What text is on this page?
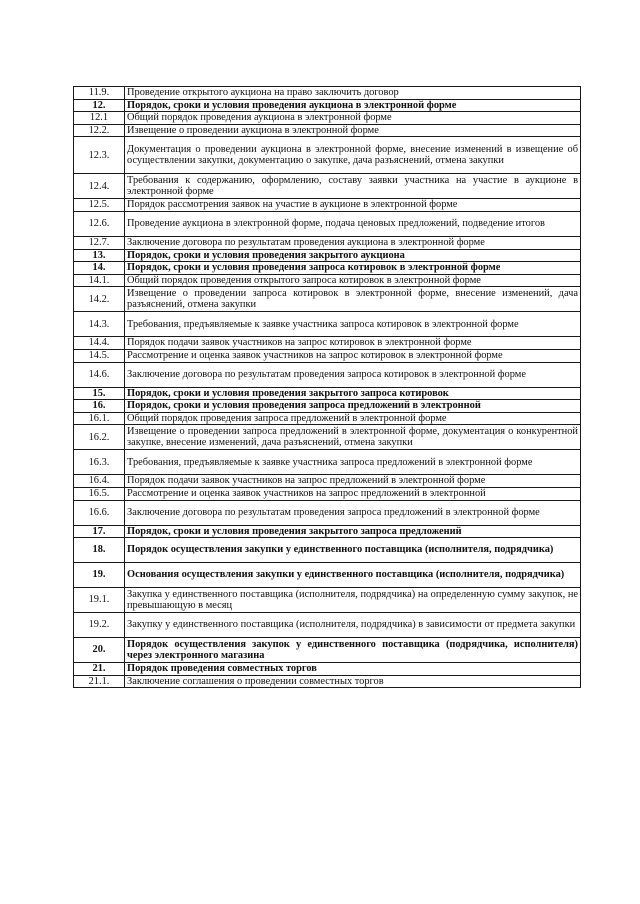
11.9.	Проведение открытого аукциона на право заключить договор
12.	Порядок, сроки и условия проведения аукциона в электронной форме
12.1	Общий порядок проведения аукциона в электронной форме
12.2.	Извещение о проведении аукциона в электронной форме
12.3.	Документация о проведении аукциона в электронной форме, внесение изменений в извещение об осуществлении закупки, документацию о закупке, дача разъяснений, отмена закупки
12.4.	Требования к содержанию, оформлению, составу заявки участника на участие в аукционе в электронной форме
12.5.	Порядок рассмотрения заявок на участие в аукционе в электронной форме
12.6.	Проведение аукциона в электронной форме, подача ценовых предложений, подведение итогов
12.7.	Заключение договора по результатам проведения аукциона в электронной форме
13.	Порядок, сроки и условия проведения закрытого аукциона
14.	Порядок, сроки и условия проведения запроса котировок в электронной форме
14.1.	Общий порядок проведения открытого запроса котировок в электронной форме
14.2.	Извещение о проведении запроса котировок в электронной форме, внесение изменений, дача разъяснений, отмена закупки
14.3.	Требования, предъявляемые к заявке участника запроса котировок в электронной форме
14.4.	Порядок подачи заявок участников на запрос котировок в электронной форме
14.5.	Рассмотрение и оценка заявок участников на запрос котировок в электронной форме
14.6.	Заключение договора по результатам проведения запроса котировок в электронной форме
15.	Порядок, сроки и условия проведения закрытого запроса котировок
16.	Порядок, сроки и условия проведения запроса предложений в электронной
16.1.	Общий порядок проведения запроса предложений в электронной форме
16.2.	Извещение о проведении запроса предложений в электронной форме, документация о конкурентной закупке, внесение изменений, дача разъяснений, отмена закупки
16.3.	Требования, предъявляемые к заявке участника запроса предложений в электронной форме
16.4.	Порядок подачи заявок участников на запрос предложений в электронной форме
16.5.	Рассмотрение и оценка заявок участников на запрос предложений в электронной
16.6.	Заключение договора по результатам проведения запроса предложений в электронной форме
17.	Порядок, сроки и условия проведения закрытого запроса предложений
18.	Порядок осуществления закупки у единственного поставщика (исполнителя, подрядчика)
19.	Основания осуществления закупки у единственного поставщика (исполнителя, подрядчика)
19.1.	Закупка у единственного поставщика (исполнителя, подрядчика) на определенную сумму закупок, не превышающую в месяц
19.2.	Закупку у единственного поставщика (исполнителя, подрядчика) в зависимости от предмета закупки
20.	Порядок осуществления закупок у единственного поставщика (подрядчика, исполнителя) через электронного магазина
21.	Порядок проведения совместных торгов
21.1.	Заключение соглашения о проведении совместных торгов
